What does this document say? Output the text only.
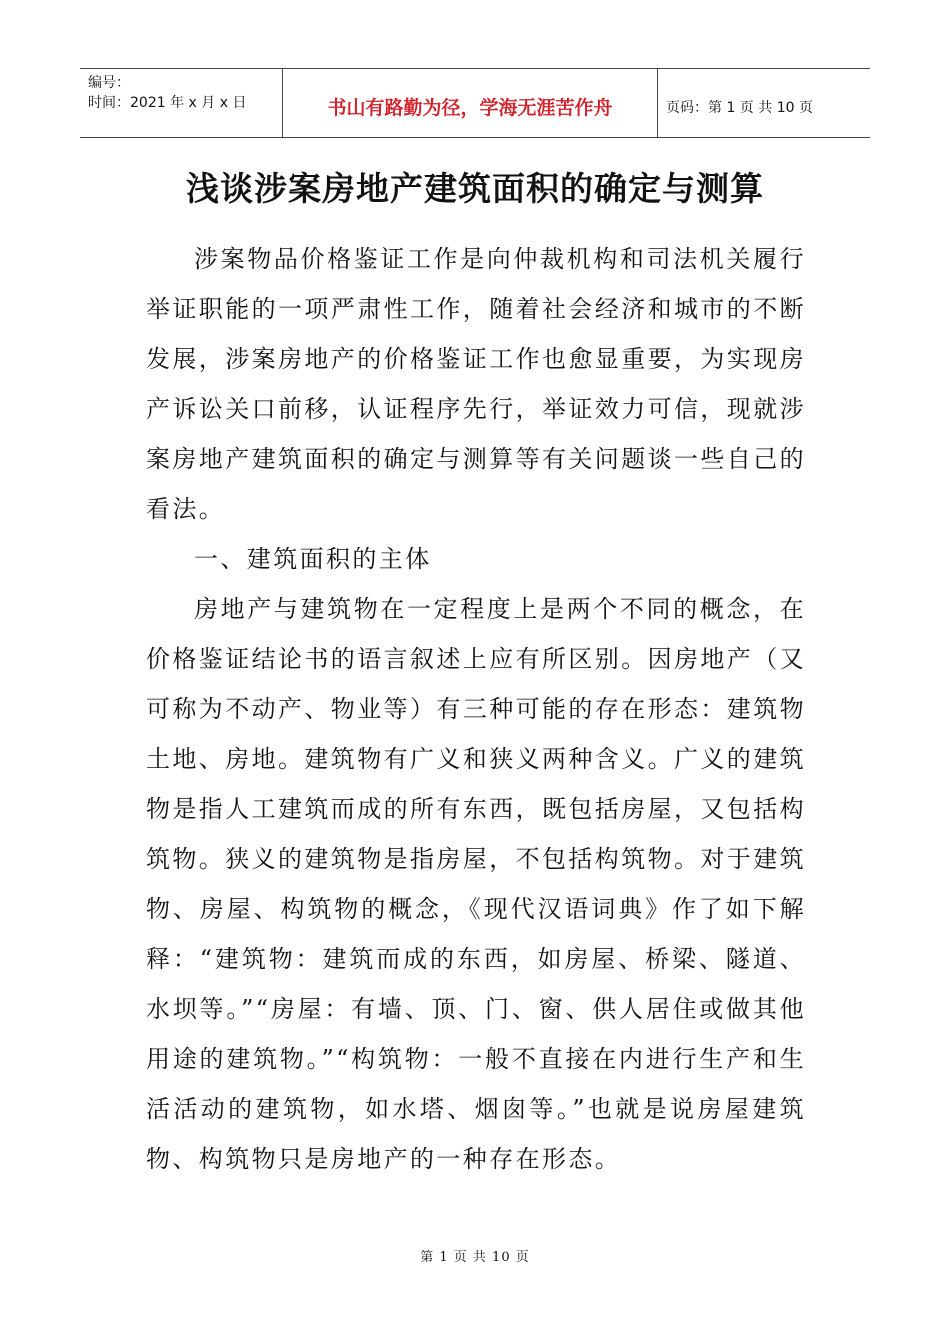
编号：
时间：2021 年 x 月 x 日	书山有路勤为径，学海无涯苦作舟	页码：第 1 页 共 10 页
浅谈涉案房地产建筑面积的确定与测算

涉案物品价格鉴证工作是向仲裁机构和司法机关履行举证职能的一项严肃性工作，随着社会经济和城市的不断发展，涉案房地产的价格鉴证工作也愈显重要，为实现房产诉讼关口前移，认证程序先行，举证效力可信，现就涉案房地产建筑面积的确定与测算等有关问题谈一些自己的看法。

一、建筑面积的主体

房地产与建筑物在一定程度上是两个不同的概念，在价格鉴证结论书的语言叙述上应有所区别。因房地产（又可称为不动产、物业等）有三种可能的存在形态：建筑物土地、房地。建筑物有广义和狭义两种含义。广义的建筑物是指人工建筑而成的所有东西，既包括房屋，又包括构筑物。狭义的建筑物是指房屋，不包括构筑物。对于建筑物、房屋、构筑物的概念，《现代汉语词典》作了如下解释：“建筑物：建筑而成的东西，如房屋、桥梁、隧道、水坝等。”“房屋：有墙、顶、门、窗、供人居住或做其他用途的建筑物。”“构筑物：一般不直接在内进行生产和生活活动的建筑物，如水塔、烟囱等。”也就是说房屋建筑物、构筑物只是房地产的一种存在形态。

第 1 页 共 10 页
